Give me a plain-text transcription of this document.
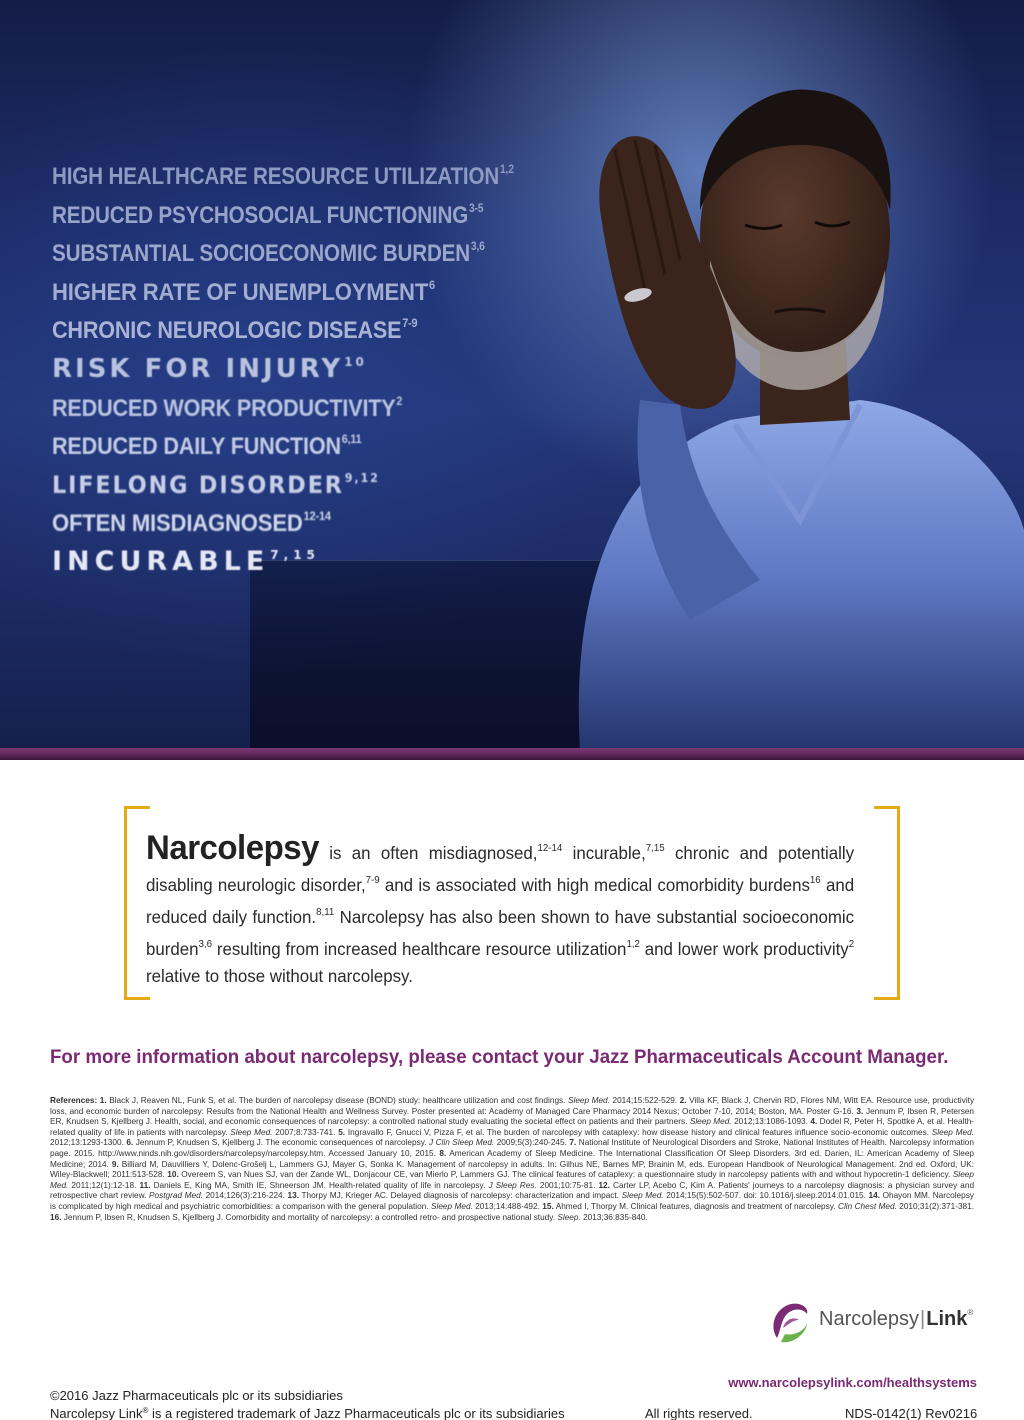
HIGH HEALTHCARE RESOURCE UTILIZATION$^{1,2}$
REDUCED PSYCHOSOCIAL FUNCTIONING$^{3-5}$
SUBSTANTIAL SOCIOECONOMIC BURDEN$^{3,6}$
HIGHER RATE OF UNEMPLOYMENT$^6$
CHRONIC NEUROLOGIC DISEASE$^{7-9}$
RISK FOR INJURY$^{10}$
REDUCED WORK PRODUCTIVITY$^2$
REDUCED DAILY FUNCTION$^{6,11}$
LIFELONG DISORDER$^{9,12}$
OFTEN MISDIAGNOSED$^{12-14}$
INCURABLE$^{7,15}$

Narcolepsy is an often misdiagnosed,$^{12-14}$ incurable,$^{7,15}$ chronic and potentially disabling neurologic disorder,$^{7-9}$ and is associated with high medical comorbidity burdens$^{16}$ and reduced daily function.$^{8,11}$ Narcolepsy has also been shown to have substantial socioeconomic burden$^{3,6}$ resulting from increased healthcare resource utilization$^{1,2}$ and lower work productivity$^2$ relative to those without narcolepsy.

For more information about narcolepsy, please contact your Jazz Pharmaceuticals Account Manager.

References: 1. Black J, Reaven NL, Funk S, et al. The burden of narcolepsy disease (BOND) study: healthcare utilization and cost findings. Sleep Med. 2014;15:522-529. 2. Villa KF, Black J, Chervin RD, Flores NM, Witt EA. Resource use, productivity loss, and economic burden of narcolepsy: Results from the National Health and Wellness Survey. Poster presented at: Academy of Managed Care Pharmacy 2014 Nexus; October 7-10, 2014; Boston, MA. Poster G-16. 3. Jennum P, Ibsen R, Petersen ER, Knudsen S, Kjellberg J. Health, social, and economic consequences of narcolepsy: a controlled national study evaluating the societal effect on patients and their partners. Sleep Med. 2012;13:1086-1093. 4. Dodel R, Peter H, Spottke A, et al. Health-related quality of life in patients with narcolepsy. Sleep Med. 2007;8:733-741. 5. Ingravallo F, Gnucci V, Pizza F, et al. The burden of narcolepsy with cataplexy: how disease history and clinical features influence socio-economic outcomes. Sleep Med. 2012;13:1293-1300. 6. Jennum P, Knudsen S, Kjellberg J. The economic consequences of narcolepsy. J Clin Sleep Med. 2009;5(3):240-245. 7. National Institute of Neurological Disorders and Stroke, National Institutes of Health. Narcolepsy information page. 2015. http://www.ninds.nih.gov/disorders/narcolepsy/narcolepsy.htm. Accessed January 10, 2015. 8. American Academy of Sleep Medicine. The International Classification Of Sleep Disorders. 3rd ed. Darien, IL: American Academy of Sleep Medicine; 2014. 9. Billiard M, Dauvilliers Y, Dolenc-Grošelj L, Lammers GJ, Mayer G, Sonka K. Management of narcolepsy in adults. In: Gilhus NE, Barnes MP, Brainin M, eds. European Handbook of Neurological Management. 2nd ed. Oxford, UK: Wiley-Blackwell; 2011:513-528. 10. Overeem S, van Nues SJ, van der Zande WL, Donjacour CE, van Mierlo P, Lammers GJ. The clinical features of cataplexy: a questionnaire study in narcolepsy patients with and without hypocretin-1 deficiency. Sleep Med. 2011;12(1):12-18. 11. Daniels E, King MA, Smith IE, Shneerson JM. Health-related quality of life in narcolepsy. J Sleep Res. 2001;10:75-81. 12. Carter LP, Acebo C, Kim A. Patients' journeys to a narcolepsy diagnosis: a physician survey and retrospective chart review. Postgrad Med. 2014;126(3):216-224. 13. Thorpy MJ, Krieger AC. Delayed diagnosis of narcolepsy: characterization and impact. Sleep Med. 2014;15(5):502-507. doi: 10.1016/j.sleep.2014.01.015. 14. Ohayon MM. Narcolepsy is complicated by high medical and psychiatric comorbidities: a comparison with the general population. Sleep Med. 2013;14:488-492. 15. Ahmed I, Thorpy M. Clinical features, diagnosis and treatment of narcolepsy. Clin Chest Med. 2010;31(2):371-381. 16. Jennum P, Ibsen R, Knudsen S, Kjellberg J. Comorbidity and mortality of narcolepsy: a controlled retro- and prospective national study. Sleep. 2013;36:835-840.

Narcolepsy|Link®
www.narcolepsylink.com/healthsystems
©2016 Jazz Pharmaceuticals plc or its subsidiaries
Narcolepsy Link® is a registered trademark of Jazz Pharmaceuticals plc or its subsidiaries	All rights reserved.	NDS-0142(1) Rev0216
